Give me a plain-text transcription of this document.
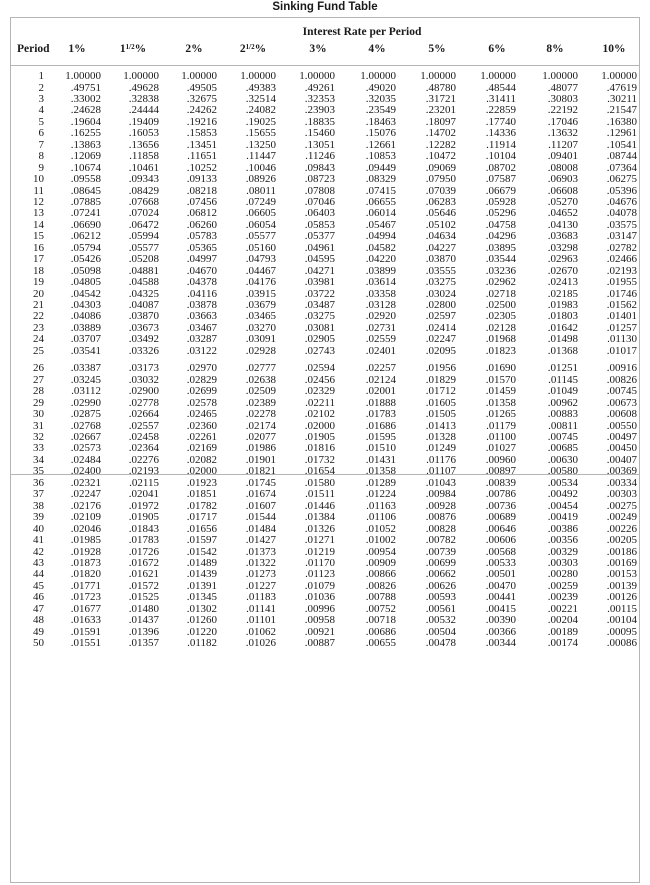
Sinking Fund Table
Interest Rate per Period
Period	1%	$1^{1/2}\%$	2%	$2^{1/2}\%$	3%	4%	5%	6%	8%	10%
1 1.00000 1.00000 1.00000 1.00000 1.00000 1.00000 1.00000 1.00000 1.00000 1.00000
2 .49751	.49628	.49505	.49383	.49261	.49020	.48780	.48544	.48077	.47619
3 .33002	.32838	.32675	.32514	.32353	.32035	.31721	.31411	.30803	.30211
4 .24628	.24444	.24262	.24082	.23903	.23549	.23201	.22859	.22192	.21547
5 .19604	.19409	.19216	.19025	.18835	.18463	.18097	.17740	.17046	.16380
6 .16255	.16053	.15853	.15655	.15460	.15076	.14702	.14336	.13632	.12961
7 .13863	.13656	.13451	.13250	.13051	.12661	.12282	.11914	.11207	.10541
8 .12069	.11858	.11651	.11447	.11246	.10853	.10472	.10104	.09401	.08744
9 .10674	.10461	.10252	.10046	.09843	.09449	.09069	.08702	.08008	.07364
10 .09558	.09343	.09133	.08926	.08723	.08329	.07950	.07587	.06903	.06275
11 .08645	.08429	.08218	.08011	.07808	.07415	.07039	.06679	.06608	.05396
12 .07885	.07668	.07456	.07249	.07046	.06655	.06283	.05928	.05270	.04676
13 .07241	.07024	.06812	.06605	.06403	.06014	.05646	.05296	.04652	.04078
14 .06690	.06472	.06260	.06054	.05853	.05467	.05102	.04758	.04130	.03575
15 .06212	.05994	.05783	.05577	.05377	.04994	.04634	.04296	.03683	.03147
16 .05794	.05577	.05365	.05160	.04961	.04582	.04227	.03895	.03298	.02782
17 .05426	.05208	.04997	.04793	.04595	.04220	.03870	.03544	.02963	.02466
18 .05098	.04881	.04670	.04467	.04271	.03899	.03555	.03236	.02670	.02193
19 .04805	.04588	.04378	.04176	.03981	.03614	.03275	.02962	.02413	.01955
20 .04542	.04325	.04116	.03915	.03722	.03358	.03024	.02718	.02185	.01746
21 .04303	.04087	.03878	.03679	.03487	.03128	.02800	.02500	.01983	.01562
22 .04086	.03870	.03663	.03465	.03275	.02920	.02597	.02305	.01803	.01401
23 .03889	.03673	.03467	.03270	.03081	.02731	.02414	.02128	.01642	.01257
24 .03707	.03492	.03287	.03091	.02905	.02559	.02247	.01968	.01498	.01130
25 .03541	.03326	.03122	.02928	.02743	.02401	.02095	.01823	.01368	.01017
26 .03387	.03173	.02970	.02777	.02594	.02257	.01956	.01690	.01251	.00916
27 .03245	.03032	.02829	.02638	.02456	.02124	.01829	.01570	.01145	.00826
28 .03112	.02900	.02699	.02509	.02329	.02001	.01712	.01459	.01049	.00745
29 .02990	.02778	.02578	.02389	.02211	.01888	.01605	.01358	.00962	.00673
30 .02875	.02664	.02465	.02278	.02102	.01783	.01505	.01265	.00883	.00608
31 .02768	.02557	.02360	.02174	.02000	.01686	.01413	.01179	.00811	.00550
32 .02667	.02458	.02261	.02077	.01905	.01595	.01328	.01100	.00745	.00497
33 .02573	.02364	.02169	.01986	.01816	.01510	.01249	.01027	.00685	.00450
34 .02484	.02276	.02082	.01901	.01732	.01431	.01176	.00960	.00630	.00407
35 .02400	.02193	.02000	.01821	.01654	.01358	.01107	.00897	.00580	.00369
36 .02321	.02115	.01923	.01745	.01580	.01289	.01043	.00839	.00534	.00334
37 .02247	.02041	.01851	.01674	.01511	.01224	.00984	.00786	.00492	.00303
38 .02176	.01972	.01782	.01607	.01446	.01163	.00928	.00736	.00454	.00275
39 .02109	.01905	.01717	.01544	.01384	.01106	.00876	.00689	.00419	.00249
40 .02046	.01843	.01656	.01484	.01326	.01052	.00828	.00646	.00386	.00226
41 .01985	.01783	.01597	.01427	.01271	.01002	.00782	.00606	.00356	.00205
42 .01928	.01726	.01542	.01373	.01219	.00954	.00739	.00568	.00329	.00186
43 .01873	.01672	.01489	.01322	.01170	.00909	.00699	.00533	.00303	.00169
44 .01820	.01621	.01439	.01273	.01123	.00866	.00662	.00501	.00280	.00153
45 .01771	.01572	.01391	.01227	.01079	.00826	.00626	.00470	.00259	.00139
46 .01723	.01525	.01345	.01183	.01036	.00788	.00593	.00441	.00239	.00126
47 .01677	.01480	.01302	.01141	.00996	.00752	.00561	.00415	.00221	.00115
48 .01633	.01437	.01260	.01101	.00958	.00718	.00532	.00390	.00204	.00104
49 .01591	.01396	.01220	.01062	.00921	.00686	.00504	.00366	.00189	.00095
50 .01551	.01357	.01182	.01026	.00887	.00655	.00478	.00344	.00174	.00086
